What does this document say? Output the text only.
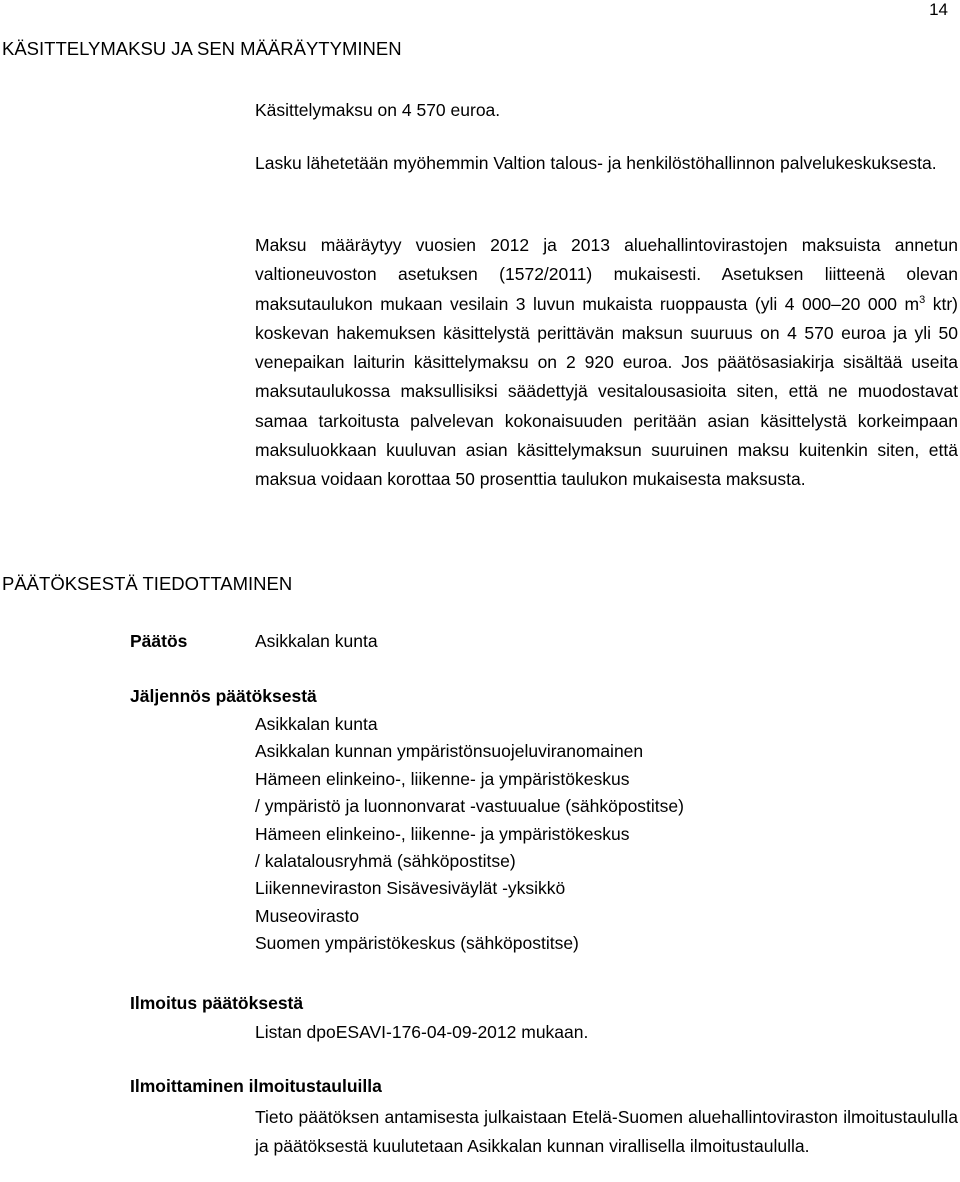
14
KÄSITTELYMAKSU JA SEN MÄÄRÄYTYMINEN
Käsittelymaksu on 4 570 euroa.
Lasku lähetetään myöhemmin Valtion talous- ja henkilöstöhallinnon palvelukeskuksesta.
Maksu määräytyy vuosien 2012 ja 2013 aluehallintovirastojen maksuista annetun valtioneuvoston asetuksen (1572/2011) mukaisesti. Asetuksen liitteenä olevan maksutaulukon mukaan vesilain 3 luvun mukaista ruoppausta (yli 4 000–20 000 $m^3$ ktr) koskevan hakemuksen käsittelystä perittävän maksun suuruus on 4 570 euroa ja yli 50 venepaikan laiturin käsittelymaksu on 2 920 euroa. Jos päätösasiakirja sisältää useita maksutaulukossa maksullisiksi säädettyjä vesitalousasioita siten, että ne muodostavat samaa tarkoitusta palvelevan kokonaisuuden peritään asian käsittelystä korkeimpaan maksuluokkaan kuuluvan asian käsittelymaksun suuruinen maksu kuitenkin siten, että maksua voidaan korottaa 50 prosenttia taulukon mukaisesta maksusta.
PÄÄTÖKSESTÄ TIEDOTTAMINEN
Päätös	Asikkalan kunta
Jäljennös päätöksestä
Asikkalan kunta
Asikkalan kunnan ympäristönsuojeluviranomainen
Hämeen elinkeino-, liikenne- ja ympäristökeskus
/ ympäristö ja luonnonvarat -vastuualue (sähköpostitse)
Hämeen elinkeino-, liikenne- ja ympäristökeskus
/ kalatalousryhmä (sähköpostitse)
Liikenneviraston Sisävesiväylät -yksikkö
Museovirasto
Suomen ympäristökeskus (sähköpostitse)
Ilmoitus päätöksestä
Listan dpoESAVI-176-04-09-2012 mukaan.
Ilmoittaminen ilmoitustauluilla
Tieto päätöksen antamisesta julkaistaan Etelä-Suomen aluehallintoviraston ilmoitustaululla ja päätöksestä kuulutetaan Asikkalan kunnan virallisella ilmoitustaululla.
